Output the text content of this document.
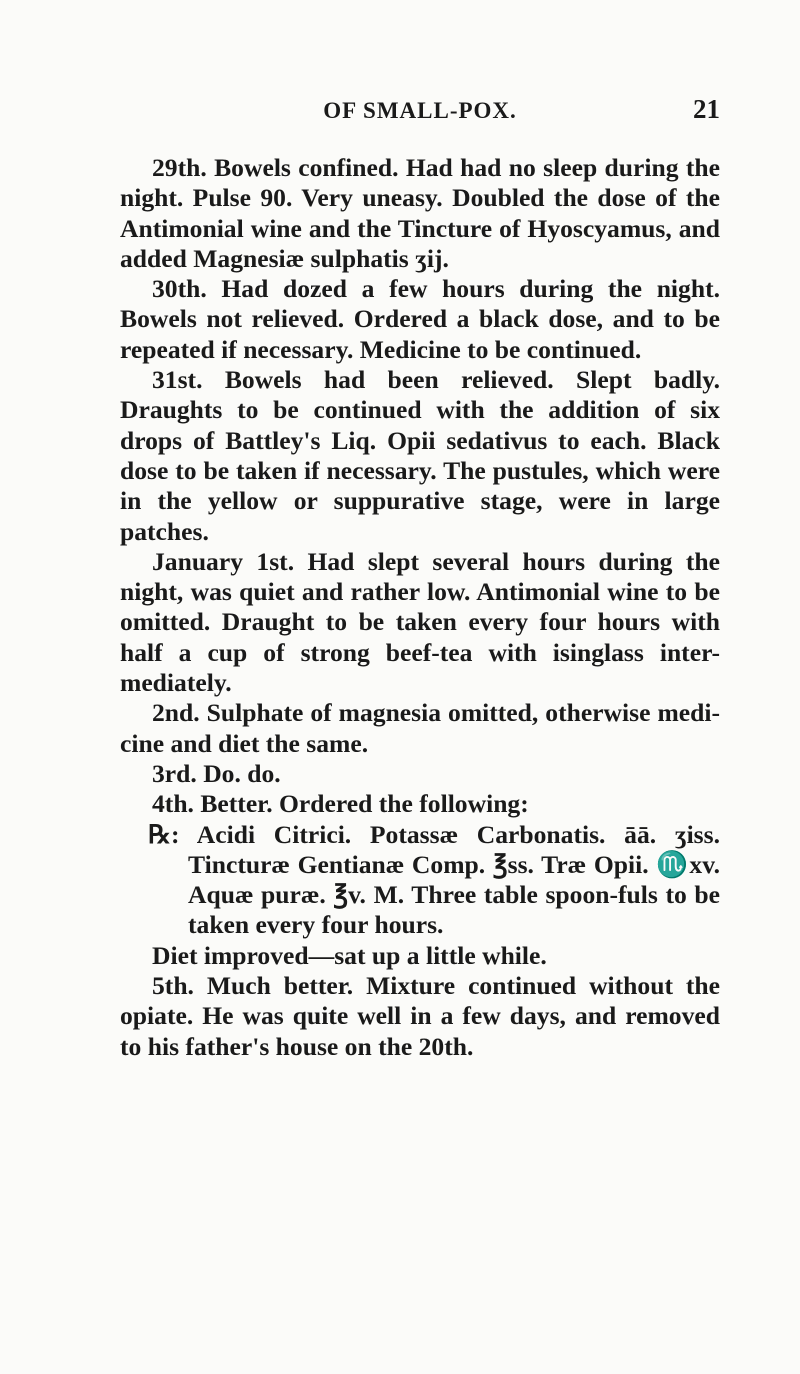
OF SMALL-POX.	21

29th. Bowels confined. Had had no sleep during the night. Pulse 90. Very uneasy. Doubled the dose of the Antimonial wine and the Tincture of Hyoscyamus, and added Magnesiæ sulphatis ʒij.

30th. Had dozed a few hours during the night. Bowels not relieved. Ordered a black dose, and to be repeated if necessary. Medicine to be continued.

31st. Bowels had been relieved. Slept badly. Draughts to be continued with the addition of six drops of Battley's Liq. Opii sedativus to each. Black dose to be taken if necessary. The pustules, which were in the yellow or suppurative stage, were in large patches.

January 1st. Had slept several hours during the night, was quiet and rather low. Antimonial wine to be omitted. Draught to be taken every four hours with half a cup of strong beef-tea with isinglass inter-mediately.

2nd. Sulphate of magnesia omitted, otherwise medi-cine and diet the same.

3rd. Do. do.

4th. Better. Ordered the following:

℞: Acidi Citrici. Potassæ Carbonatis. āā. ʒiss. Tincturæ Gentianæ Comp. ℥ss. Træ Opii. ♏xv. Aquæ puræ. ℥v. M. Three table spoon-fuls to be taken every four hours.

Diet improved—sat up a little while.

5th. Much better. Mixture continued without the opiate. He was quite well in a few days, and removed to his father's house on the 20th.
